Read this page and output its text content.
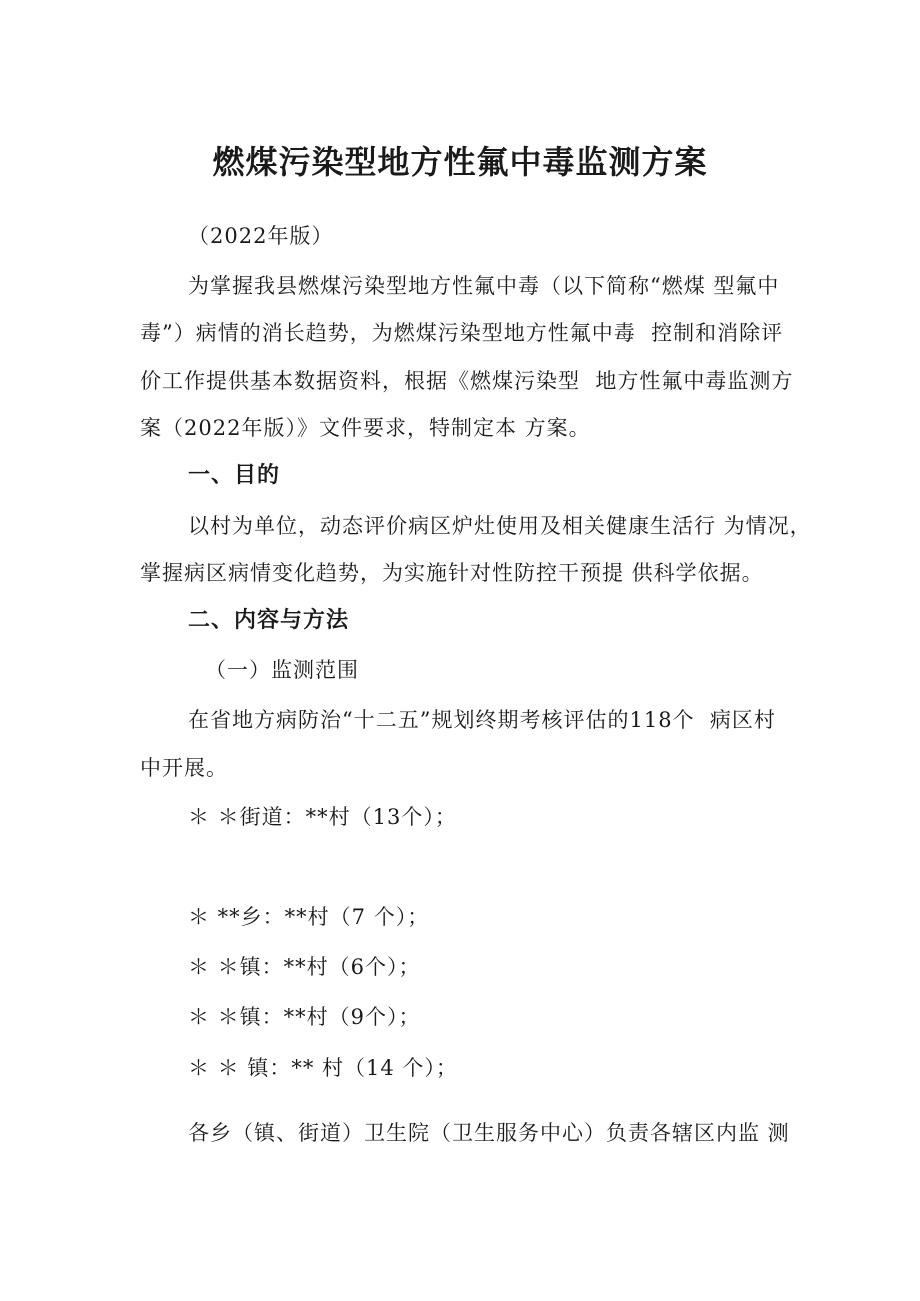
燃煤污染型地方性氟中毒监测方案
（2022年版）
为掌握我县燃煤污染型地方性氟中毒（以下简称“燃煤 型氟中
毒”）病情的消长趋势，为燃煤污染型地方性氟中毒  控制和消除评
价工作提供基本数据资料，根据《燃煤污染型  地方性氟中毒监测方
案（2022年版）》文件要求，特制定本 方案。
一、目的
以村为单位，动态评价病区炉灶使用及相关健康生活行 为情况，
掌握病区病情变化趋势，为实施针对性防控干预提 供科学依据。
二、内容与方法
（一）监测范围
在省地方病防治“十二五”规划终期考核评估的118个  病区村
中开展。
＊ ＊街道：**村（13个）；
＊ **乡：**村（7 个）；
＊ ＊镇：**村（6个）；
＊ ＊镇：**村（9个）；
＊ ＊ 镇：** 村（14 个）；
各乡（镇、街道）卫生院（卫生服务中心）负责各辖区内监 测
